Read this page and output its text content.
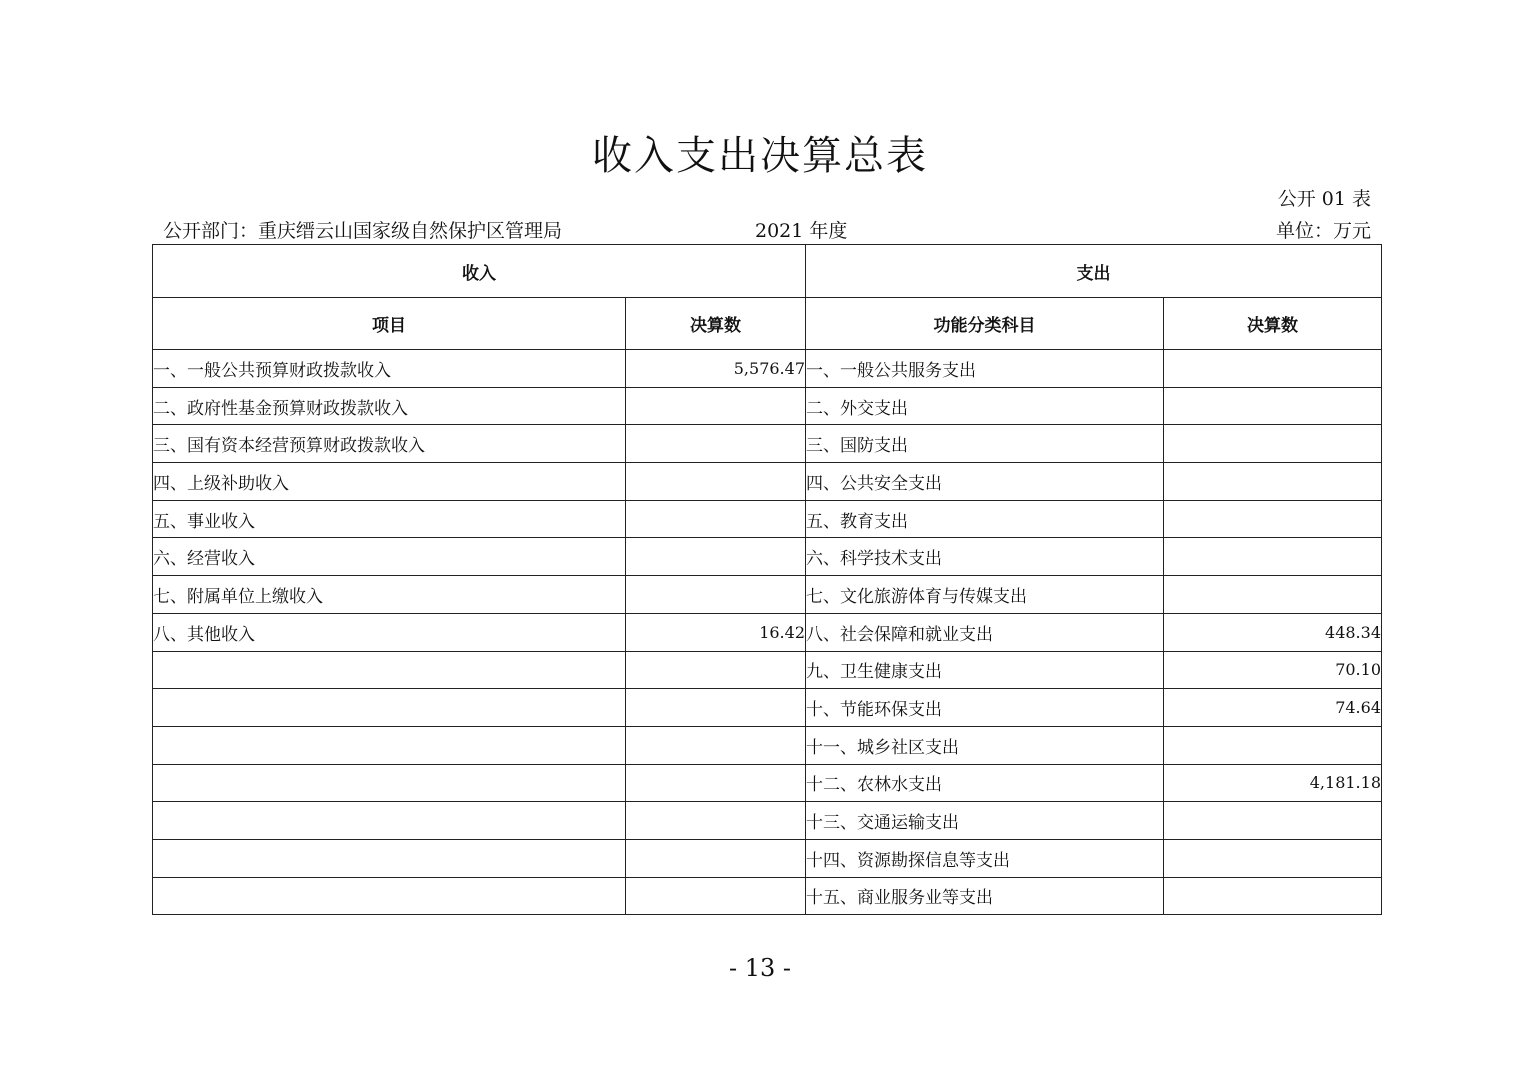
收入支出决算总表
公开 01 表
公开部门：重庆缙云山国家级自然保护区管理局	2021 年度	单位：万元
收入		支出	
项目	决算数	功能分类科目	决算数
一、一般公共预算财政拨款收入	5,576.47	一、一般公共服务支出	
二、政府性基金预算财政拨款收入		二、外交支出	
三、国有资本经营预算财政拨款收入		三、国防支出	
四、上级补助收入		四、公共安全支出	
五、事业收入		五、教育支出	
六、经营收入		六、科学技术支出	
七、附属单位上缴收入		七、文化旅游体育与传媒支出	
八、其他收入	16.42	八、社会保障和就业支出	448.34
		九、卫生健康支出	70.10
		十、节能环保支出	74.64
		十一、城乡社区支出	
		十二、农林水支出	4,181.18
		十三、交通运输支出	
		十四、资源勘探信息等支出	
		十五、商业服务业等支出	
- 13 -
